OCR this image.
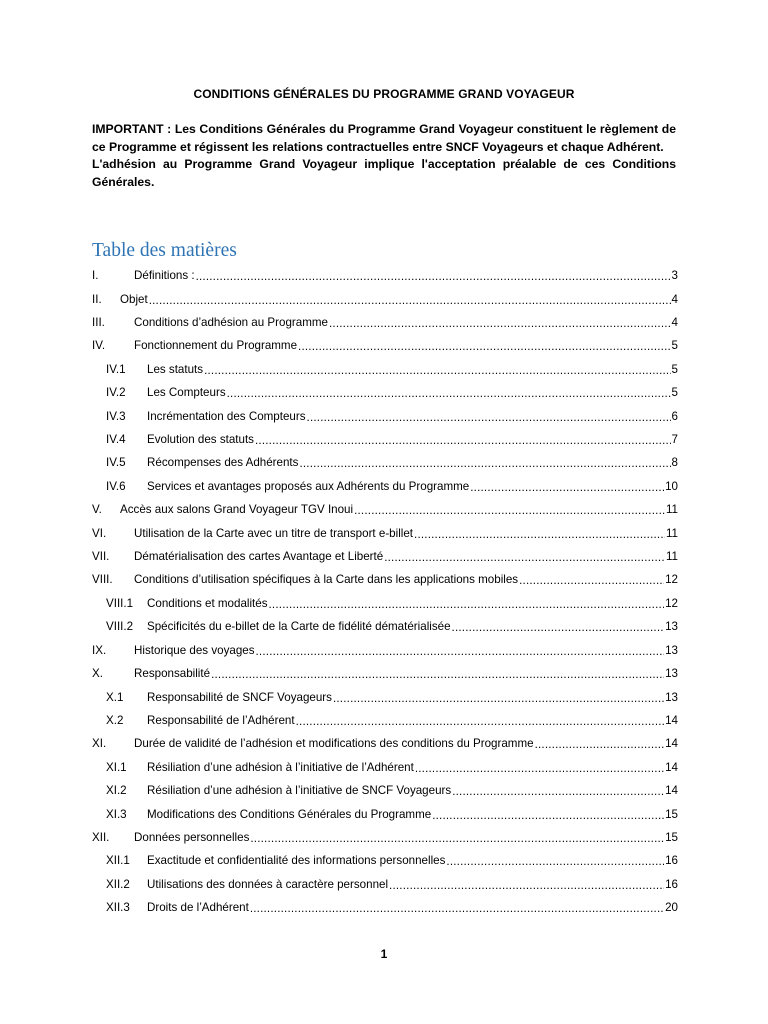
CONDITIONS GÉNÉRALES DU PROGRAMME GRAND VOYAGEUR

IMPORTANT : Les Conditions Générales du Programme Grand Voyageur constituent le règlement de ce Programme et régissent les relations contractuelles entre SNCF Voyageurs et chaque Adhérent.

L'adhésion au Programme Grand Voyageur implique l'acceptation préalable de ces Conditions Générales.

Table des matières
I.	Définitions : .....	3
II.	Objet .....	4
III.	Conditions d’adhésion au Programme .....	4
IV.	Fonctionnement du Programme .....	5
IV.1	Les statuts .....	5
IV.2	Les Compteurs .....	5
IV.3	Incrémentation des Compteurs .....	6
IV.4	Evolution des statuts .....	7
IV.5	Récompenses des Adhérents .....	8
IV.6	Services et avantages proposés aux Adhérents du Programme .....	10
V.	Accès aux salons Grand Voyageur TGV Inoui .....	11
VI.	Utilisation de la Carte avec un titre de transport e-billet .....	11
VII.	Dématérialisation des cartes Avantage et Liberté .....	11
VIII.	Conditions d’utilisation spécifiques à la Carte dans les applications mobiles .....	12
VIII.1	Conditions et modalités .....	12
VIII.2	Spécificités du e-billet de la Carte de fidélité dématérialisée .....	13
IX.	Historique des voyages .....	13
X.	Responsabilité .....	13
X.1	Responsabilité de SNCF Voyageurs .....	13
X.2	Responsabilité de l’Adhérent .....	14
XI.	Durée de validité de l’adhésion et modifications des conditions du Programme .....	14
XI.1	Résiliation d’une adhésion à l’initiative de l’Adhérent .....	14
XI.2	Résiliation d’une adhésion à l’initiative de SNCF Voyageurs .....	14
XI.3	Modifications des Conditions Générales du Programme .....	15
XII.	Données personnelles .....	15
XII.1	Exactitude et confidentialité des informations personnelles .....	16
XII.2	Utilisations des données à caractère personnel .....	16
XII.3	Droits de l’Adhérent .....	20
1
